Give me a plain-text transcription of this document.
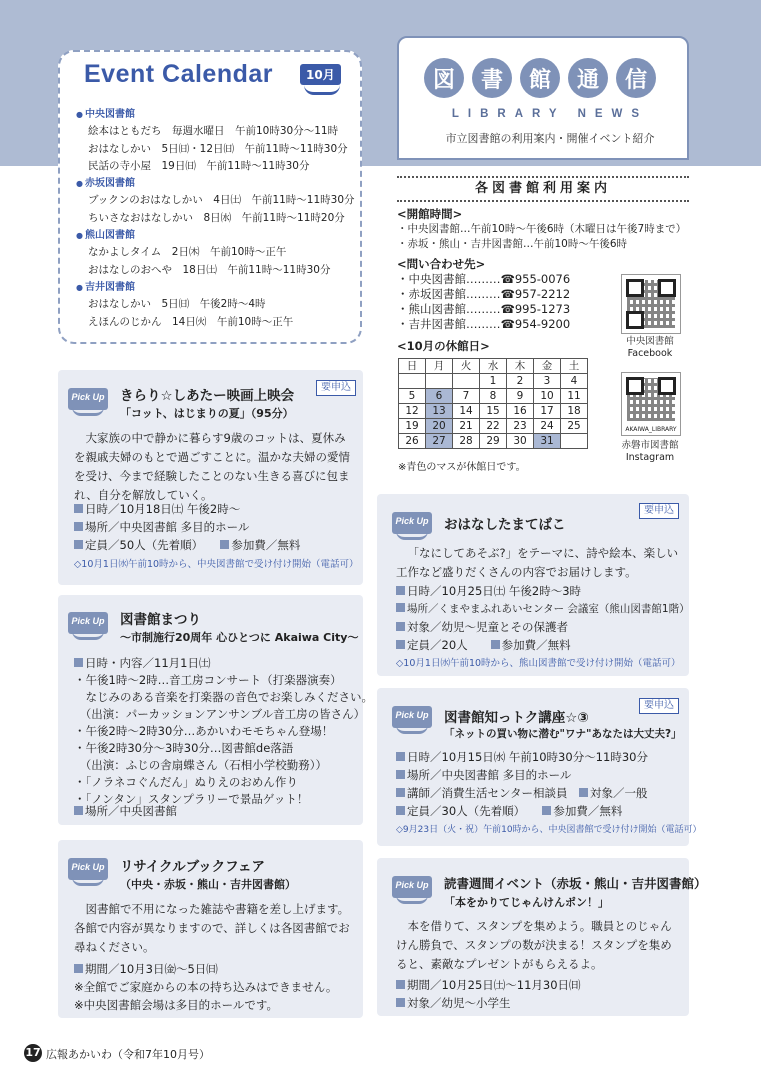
Event Calendar	10月
● 中央図書館
絵本はともだち　毎週水曜日　午前10時30分～11時
おはなしかい　5日㈰・12日㈰　午前11時～11時30分
民話の寺小屋　19日㈰　午前11時～11時30分
● 赤坂図書館
ブックンのおはなしかい　4日㈯　午前11時～11時30分
ちいさなおはなしかい　8日㈬　午前11時～11時20分
● 熊山図書館
なかよしタイム　2日㈭　午前10時～正午
おはなしのおへや　18日㈯　午前11時～11時30分
● 吉井図書館
おはなしかい　5日㈰　午後2時～4時
えほんのじかん　14日㈫　午前10時～正午
図	書	館	通	信
LIBRARY NEWS
市立図書館の利用案内・開催イベント紹介
各図書館利用案内
<開館時間>
・中央図書館…午前10時～午後6時（木曜日は午後7時まで）
・赤坂・熊山・吉井図書館…午前10時～午後6時
<問い合わせ先>
・中央図書館………☎955-0076
・赤坂図書館………☎957-2212
・熊山図書館………☎995-1273
・吉井図書館………☎954-9200
<10月の休館日>
日	月	火	水	木	金	土
			1	2	3	4
5	6	7	8	9	10	11
12	13	14	15	16	17	18
19	20	21	22	23	24	25
26	27	28	29	30	31	
※青色のマスが休館日です。
中央図書館
Facebook
AKAIWA_LIBRARY
赤磐市図書館
Instagram
Pick Up きらり☆しあたー映画上映会
要申込
「コット、はじまりの夏」（95分）
大家族の中で静かに暮らす9歳のコットは、夏休みを親戚夫婦のもとで過ごすことに。温かな夫婦の愛情を受け、今まで経験したことのない生きる喜びに包まれ、自分を解放していく。
日時／10月18日㈯ 午後2時～
場所／中央図書館 多目的ホール
定員／50人（先着順）　　	参加費／無料
◇10月1日㈬午前10時から、中央図書館で受け付け開始（電話可）
Pick Up 図書館まつり
～市制施行20周年 心ひとつに Akaiwa City～
日時・内容／11月1日㈯
・午後1時～2時…音工房コンサート（打楽器演奏）
　なじみのある音楽を打楽器の音色でお楽しみください。
　（出演：パーカッションアンサンブル音工房の皆さん）
・午後2時～2時30分…あかいわモモちゃん登場！
・午後2時30分～3時30分…図書館de落語
　（出演：ふじの舎扇蝶さん（石相小学校勤務））
・「ノラネコぐんだん」ぬりえのおめん作り
・「ノンタン」スタンプラリーで景品ゲット！
場所／中央図書館
Pick Up リサイクルブックフェア
（中央・赤坂・熊山・吉井図書館）
図書館で不用になった雑誌や書籍を差し上げます。各館で内容が異なりますので、詳しくは各図書館でお尋ねください。
期間／10月3日㈮～5日㈰
※全館でご家庭からの本の持ち込みはできません。
※中央図書館会場は多目的ホールです。
Pick Up おはなしたまてばこ
要申込
「なにしてあそぶ?」をテーマに、詩や絵本、楽しい工作など盛りだくさんの内容でお届けします。
日時／10月25日㈯ 午後2時～3時
場所／くまやまふれあいセンター 会議室（熊山図書館1階）
対象／幼児～児童とその保護者
定員／20人　　	参加費／無料
◇10月1日㈬午前10時から、熊山図書館で受け付け開始（電話可）
Pick Up 図書館知っトク講座☆③
要申込
「ネットの買い物に潜む"ワナ"あなたは大丈夫?」
日時／10月15日㈬ 午前10時30分～11時30分
場所／中央図書館 多目的ホール
講師／消費生活センター相談員　 対象／一般
定員／30人（先着順）　　	参加費／無料
◇9月23日（火・祝）午前10時から、中央図書館で受け付け開始（電話可）
Pick Up 読書週間イベント（赤坂・熊山・吉井図書館）
「本をかりてじゃんけんポン！」
本を借りて、スタンプを集めよう。職員とのじゃんけん勝負で、スタンプの数が決まる！スタンプを集めると、素敵なプレゼントがもらえるよ。
期間／10月25日㈯～11月30日㈰
対象／幼児～小学生
17 広報あかいわ（令和7年10月号）
